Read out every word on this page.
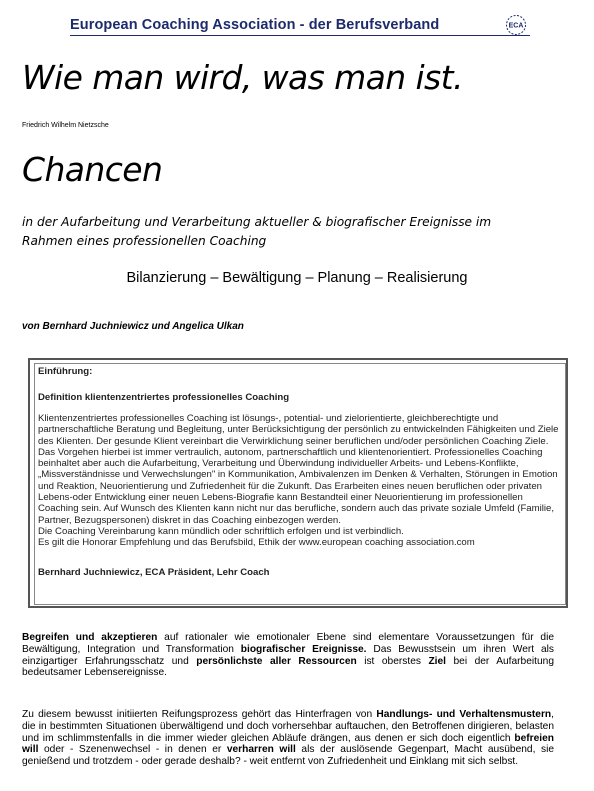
European Coaching Association - der Berufsverband	ECA
Wie man wird, was man ist.
Friedrich Wilhelm Nietzsche
Chancen
in der Aufarbeitung und Verarbeitung aktueller & biografischer Ereignisse im Rahmen eines professionellen Coaching
Bilanzierung – Bewältigung – Planung – Realisierung
von Bernhard Juchniewicz und Angelica Ulkan
Einführung:
Definition klientenzentriertes professionelles Coaching
Klientenzentriertes professionelles Coaching ist lösungs-, potential- und zielorientierte, gleichberechtigte und partnerschaftliche Beratung und Begleitung, unter Berücksichtigung der persönlich zu entwickelnden Fähigkeiten und Ziele des Klienten. Der gesunde Klient vereinbart die Verwirklichung seiner beruflichen und/oder persönlichen Coaching Ziele. Das Vorgehen hierbei ist immer vertraulich, autonom, partnerschaftlich und klientenorientiert. Professionelles Coaching beinhaltet aber auch die Aufarbeitung, Verarbeitung und Überwindung individueller Arbeits- und Lebens-Konflikte, „Missverständnisse und Verwechslungen" in Kommunikation, Ambivalenzen im Denken & Verhalten, Störungen in Emotion und Reaktion, Neuorientierung und Zufriedenheit für die Zukunft. Das Erarbeiten eines neuen beruflichen oder privaten Lebens-oder Entwicklung einer neuen Lebens-Biografie kann Bestandteil einer Neuorientierung im professionellen Coaching sein. Auf Wunsch des Klienten kann nicht nur das berufliche, sondern auch das private soziale Umfeld (Familie, Partner, Bezugspersonen) diskret in das Coaching einbezogen werden.
Die Coaching Vereinbarung kann mündlich oder schriftlich erfolgen und ist verbindlich.
Es gilt die Honorar Empfehlung und das Berufsbild, Ethik der www.european coaching association.com
Bernhard Juchniewicz, ECA Präsident, Lehr Coach
Begreifen und akzeptieren auf rationaler wie emotionaler Ebene sind elementare Voraussetzungen für die Bewältigung, Integration und Transformation biografischer Ereignisse. Das Bewusstsein um ihren Wert als einzigartiger Erfahrungsschatz und persönlichste aller Ressourcen ist oberstes Ziel bei der Aufarbeitung bedeutsamer Lebensereignisse.
Zu diesem bewusst initiierten Reifungsprozess gehört das Hinterfragen von Handlungs- und Verhaltensmustern, die in bestimmten Situationen überwältigend und doch vorhersehbar auftauchen, den Betroffenen dirigieren, belasten und im schlimmstenfalls in die immer wieder gleichen Abläufe drängen, aus denen er sich doch eigentlich befreien will oder - Szenenwechsel - in denen er verharren will als der auslösende Gegenpart, Macht ausübend, sie genießend und trotzdem - oder gerade deshalb? - weit entfernt von Zufriedenheit und Einklang mit sich selbst.
